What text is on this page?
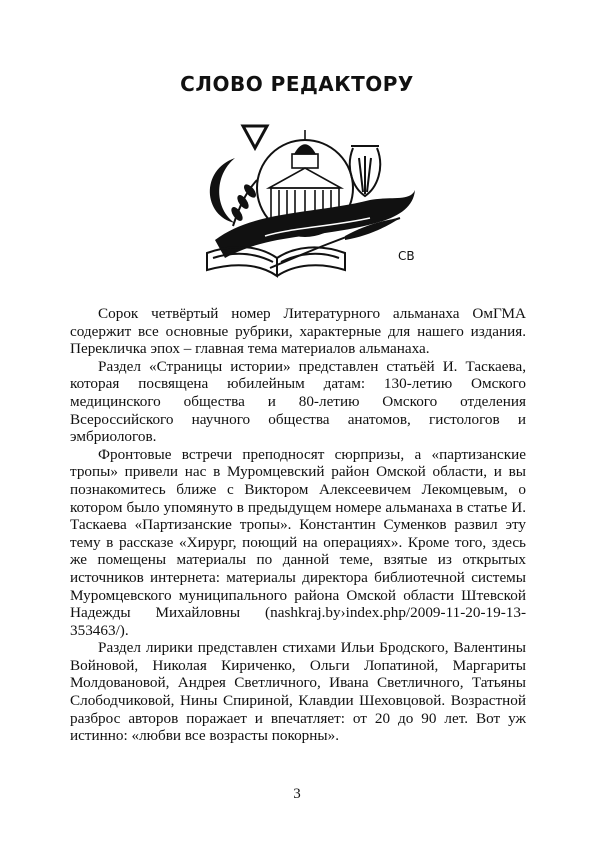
СЛОВО РЕДАКТОРУ
СВ

Сорок четвёртый номер Литературного альманаха ОмГМА содержит все основные рубрики, характерные для нашего издания. Перекличка эпох – главная тема материалов альманаха.

Раздел «Страницы истории» представлен статьёй И. Таскаева, которая посвящена юбилейным датам: 130-летию Омского медицинского общества и 80-летию Омского отделения Всероссийского научного общества анатомов, гистологов и эмбриологов.

Фронтовые встречи преподносят сюрпризы, а «партизанские тропы» привели нас в Муромцевский район Омской области, и вы познакомитесь ближе с Виктором Алексеевичем Лекомцевым, о котором было упомянуто в предыдущем номере альманаха в статье И. Таскаева «Партизанские тропы». Константин Суменков развил эту тему в рассказе «Хирург, поющий на операциях». Кроме того, здесь же помещены материалы по данной теме, взятые из открытых источников интернета: материалы директора библиотечной системы Муромцевского муниципального района Омской области Штевской Надежды Михайловны (nashkraj.by›index.php/2009-11-20-19-13-353463/).

Раздел лирики представлен стихами Ильи Бродского, Валентины Войновой, Николая Кириченко, Ольги Лопатиной, Маргариты Молдовановой, Андрея Светличного, Ивана Светличного, Татьяны Слободчиковой, Нины Спириной, Клавдии Шеховцовой. Возрастной разброс авторов поражает и впечатляет: от 20 до 90 лет. Вот уж истинно: «любви все возрасты покорны».

3
